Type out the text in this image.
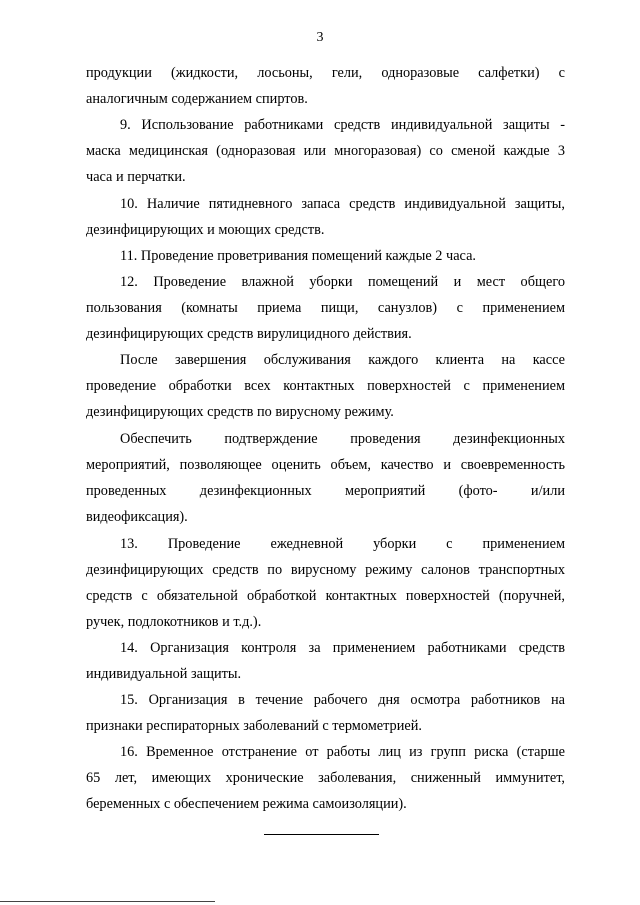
3
продукции (жидкости, лосьоны, гели, одноразовые салфетки) с
аналогичным содержанием спиртов.
9. Использование работниками средств индивидуальной защиты -
маска медицинская (одноразовая или многоразовая) со сменой каждые 3
часа и перчатки.
10. Наличие пятидневного запаса средств индивидуальной защиты,
дезинфицирующих и моющих средств.
11. Проведение проветривания помещений каждые 2 часа.
12. Проведение влажной уборки помещений и мест общего
пользования (комнаты приема пищи, санузлов) с применением
дезинфицирующих средств вирулицидного действия.
После завершения обслуживания каждого клиента на кассе
проведение обработки всех контактных поверхностей с применением
дезинфицирующих средств по вирусному режиму.
Обеспечить подтверждение проведения дезинфекционных
мероприятий, позволяющее оценить объем, качество и своевременность
проведенных дезинфекционных мероприятий (фото- и/или
видеофиксация).
13. Проведение ежедневной уборки с применением
дезинфицирующих средств по вирусному режиму салонов транспортных
средств с обязательной обработкой контактных поверхностей (поручней,
ручек, подлокотников и т.д.).
14. Организация контроля за применением работниками средств
индивидуальной защиты.
15. Организация в течение рабочего дня осмотра работников на
признаки респираторных заболеваний с термометрией.
16. Временное отстранение от работы лиц из групп риска (старше
65 лет, имеющих хронические заболевания, сниженный иммунитет,
беременных с обеспечением режима самоизоляции).
